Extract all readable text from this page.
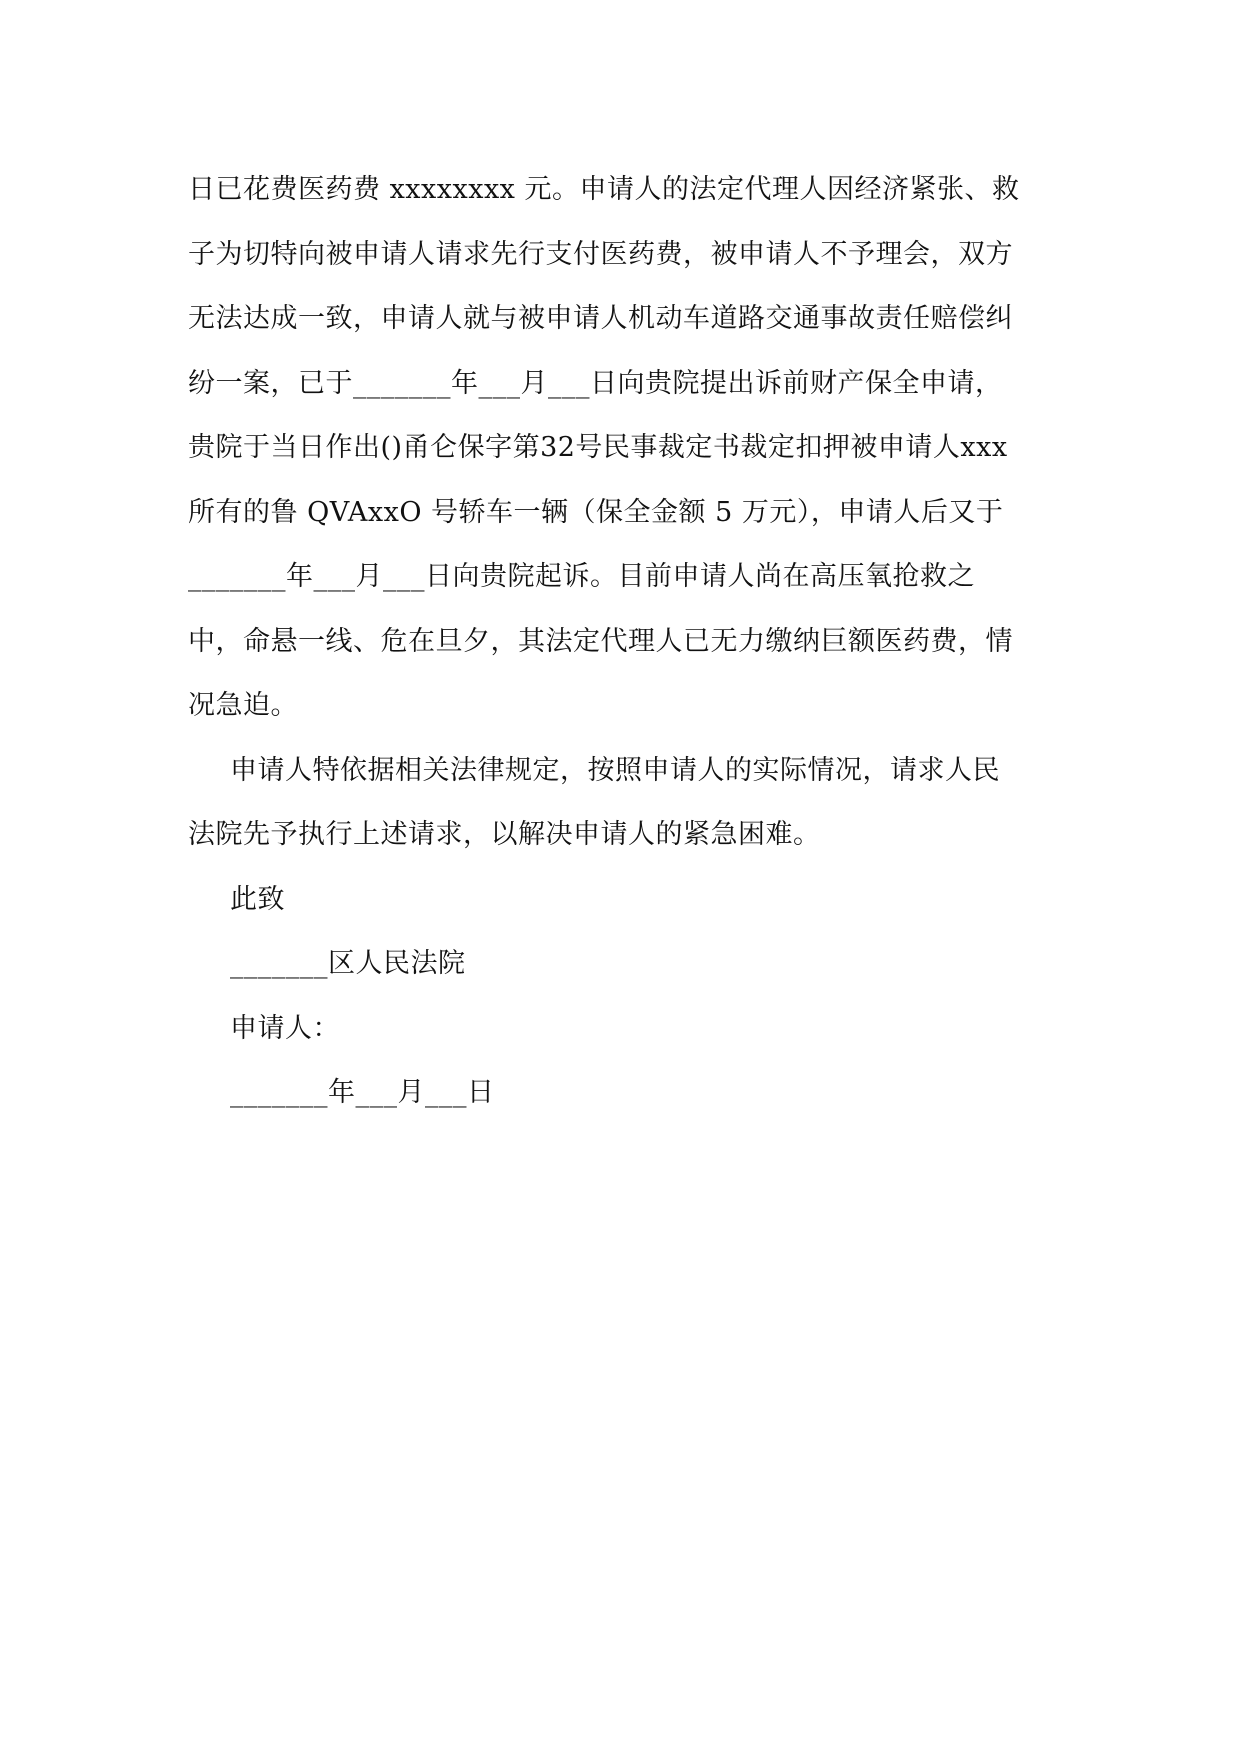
日已花费医药费 xxxxxxxx 元。申请人的法定代理人因经济紧张、救
子为切特向被申请人请求先行支付医药费，被申请人不予理会，双方
无法达成一致，申请人就与被申请人机动车道路交通事故责任赔偿纠
纷一案，已于_______年___月___日向贵院提出诉前财产保全申请，
贵院于当日作出()甬仑保字第32号民事裁定书裁定扣押被申请人xxx
所有的鲁 QVAxxO 号轿车一辆（保全金额 5 万元），申请人后又于
_______年___月___日向贵院起诉。目前申请人尚在高压氧抢救之
中，命悬一线、危在旦夕，其法定代理人已无力缴纳巨额医药费，情
况急迫。
申请人特依据相关法律规定，按照申请人的实际情况，请求人民
法院先予执行上述请求，以解决申请人的紧急困难。
此致
_______区人民法院
申请人：
_______年___月___日
